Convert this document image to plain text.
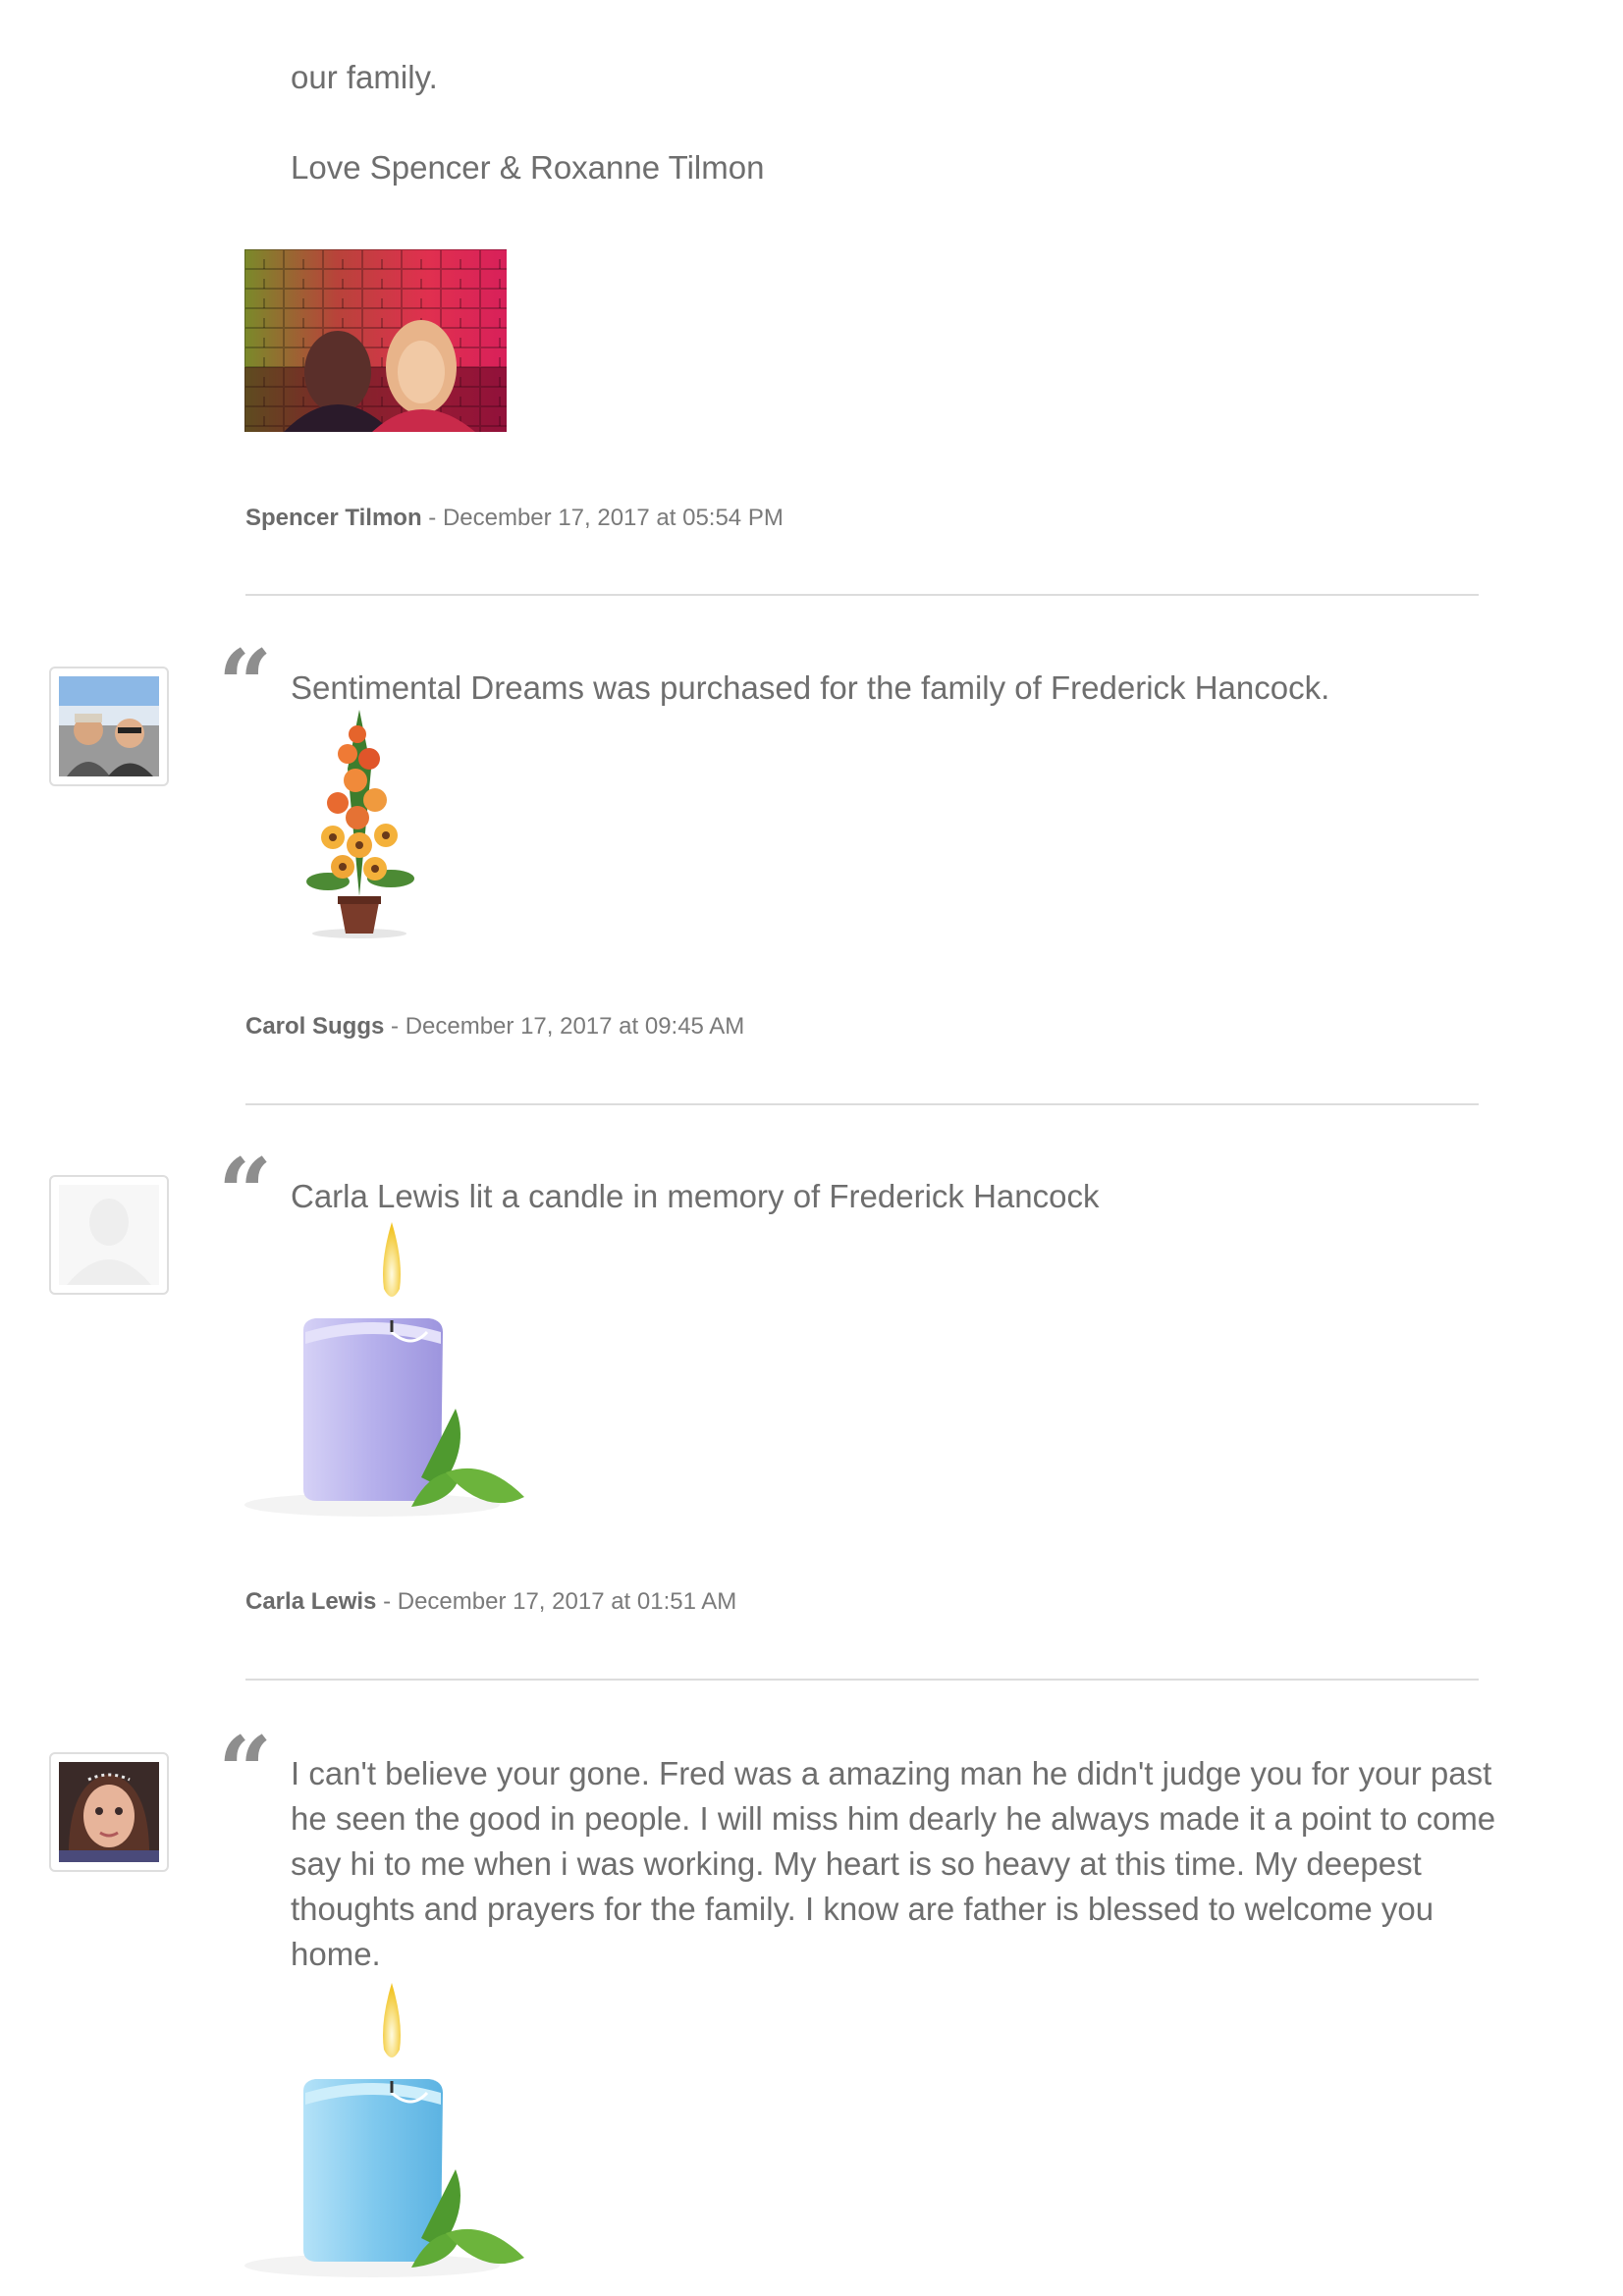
our family.
Love Spencer & Roxanne Tilmon
Spencer Tilmon - December 17, 2017 at 05:54 PM
“ Sentimental Dreams was purchased for the family of Frederick Hancock.
Carol Suggs - December 17, 2017 at 09:45 AM
“ Carla Lewis lit a candle in memory of Frederick Hancock
Carla Lewis - December 17, 2017 at 01:51 AM
“ I can't believe your gone. Fred was a amazing man he didn't judge you for your past he seen the good in people. I will miss him dearly he always made it a point to come say hi to me when i was working. My heart is so heavy at this time. My deepest thoughts and prayers for the family. I know are father is blessed to welcome you home.
